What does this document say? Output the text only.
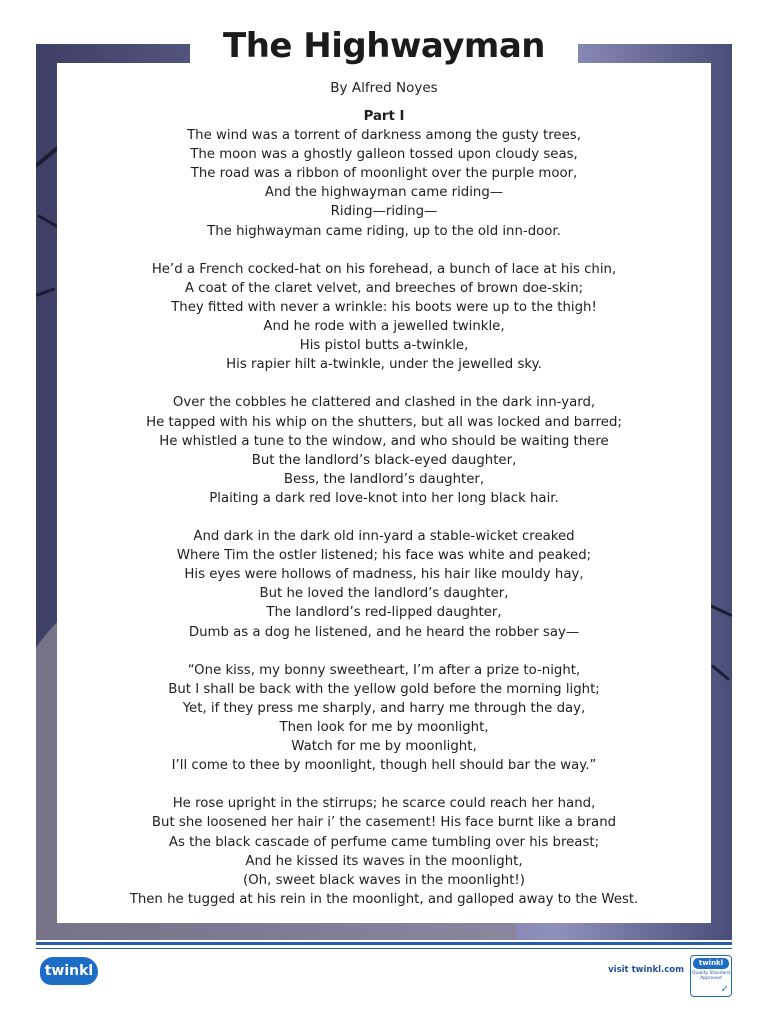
The Highwayman
By Alfred Noyes
Part I
The wind was a torrent of darkness among the gusty trees,
The moon was a ghostly galleon tossed upon cloudy seas,
The road was a ribbon of moonlight over the purple moor,
And the highwayman came riding—
Riding—riding—
The highwayman came riding, up to the old inn-door.
He’d a French cocked-hat on his forehead, a bunch of lace at his chin,
A coat of the claret velvet, and breeches of brown doe-skin;
They fitted with never a wrinkle: his boots were up to the thigh!
And he rode with a jewelled twinkle,
His pistol butts a-twinkle,
His rapier hilt a-twinkle, under the jewelled sky.
Over the cobbles he clattered and clashed in the dark inn-yard,
He tapped with his whip on the shutters, but all was locked and barred;
He whistled a tune to the window, and who should be waiting there
But the landlord’s black-eyed daughter,
Bess, the landlord’s daughter,
Plaiting a dark red love-knot into her long black hair.
And dark in the dark old inn-yard a stable-wicket creaked
Where Tim the ostler listened; his face was white and peaked;
His eyes were hollows of madness, his hair like mouldy hay,
But he loved the landlord’s daughter,
The landlord’s red-lipped daughter,
Dumb as a dog he listened, and he heard the robber say—
“One kiss, my bonny sweetheart, I’m after a prize to-night,
But I shall be back with the yellow gold before the morning light;
Yet, if they press me sharply, and harry me through the day,
Then look for me by moonlight,
Watch for me by moonlight,
I’ll come to thee by moonlight, though hell should bar the way.”
He rose upright in the stirrups; he scarce could reach her hand,
But she loosened her hair i’ the casement! His face burnt like a brand
As the black cascade of perfume came tumbling over his breast;
And he kissed its waves in the moonlight,
(Oh, sweet black waves in the moonlight!)
Then he tugged at his rein in the moonlight, and galloped away to the West.
twinkl	visit twinkl.com
twinkl
Quality Standard Approved
✓
